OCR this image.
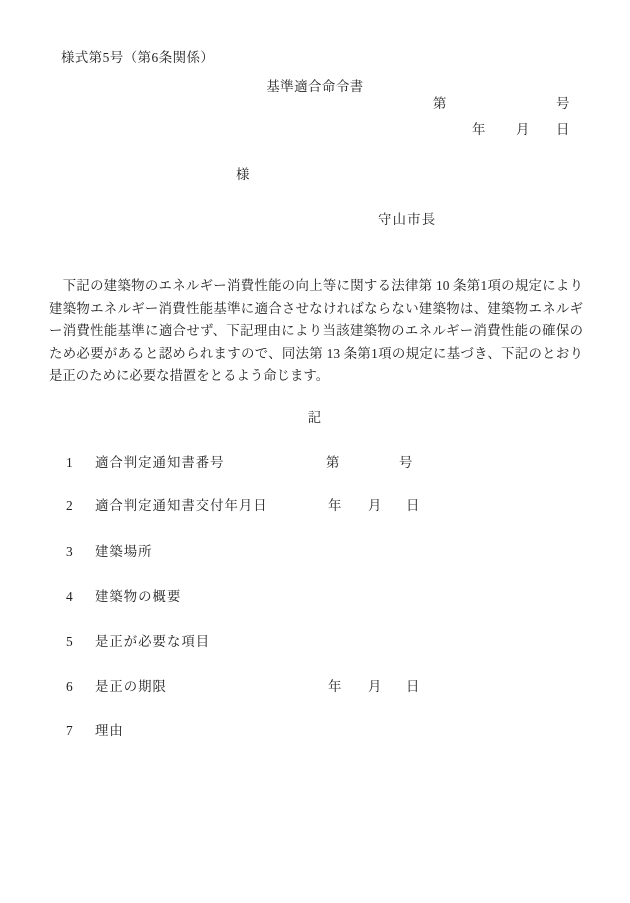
様式第5号（第6条関係）
基準適合命令書
第	号
年 月 日
様
守山市長
　下記の建築物のエネルギー消費性能の向上等に関する法律第 10 条第1項の規定により建築物エネルギー消費性能基準に適合させなければならない建築物は、建築物エネルギー消費性能基準に適合せず、下記理由により当該建築物のエネルギー消費性能の確保のため必要があると認められますので、同法第 13 条第1項の規定に基づき、下記のとおり是正のために必要な措置をとるよう命じます。
記
1 適合判定通知書番号	第	号
2 適合判定通知書交付年月日	年 月 日
3 建築場所
4 建築物の概要
5 是正が必要な項目
6 是正の期限	年 月 日
7 理由
